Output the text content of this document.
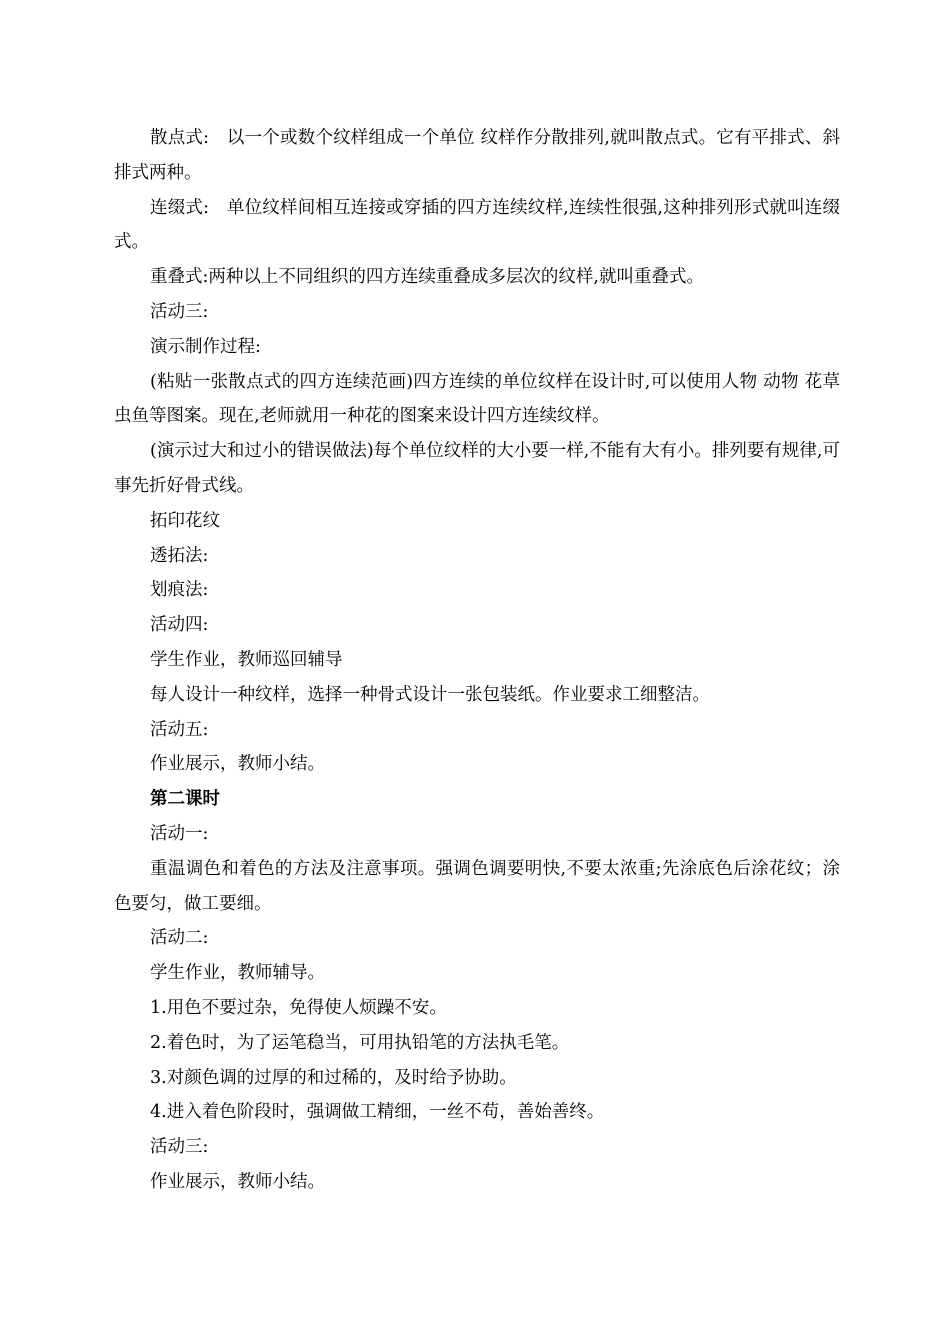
散点式:　以一个或数个纹样组成一个单位 纹样作分散排列,就叫散点式。它有平排式、斜排式两种。

连缀式:　单位纹样间相互连接或穿插的四方连续纹样,连续性很强,这种排列形式就叫连缀式。

重叠式:两种以上不同组织的四方连续重叠成多层次的纹样,就叫重叠式。

活动三:

演示制作过程:

(粘贴一张散点式的四方连续范画)四方连续的单位纹样在设计时,可以使用人物 动物 花草虫鱼等图案。现在,老师就用一种花的图案来设计四方连续纹样。

(演示过大和过小的错误做法)每个单位纹样的大小要一样,不能有大有小。排列要有规律,可事先折好骨式线。

拓印花纹

透拓法:

划痕法:

活动四:

学生作业，教师巡回辅导

每人设计一种纹样，选择一种骨式设计一张包装纸。作业要求工细整洁。

活动五:

作业展示，教师小结。

第二课时

活动一:

重温调色和着色的方法及注意事项。强调色调要明快,不要太浓重;先涂底色后涂花纹；涂色要匀，做工要细。

活动二:

学生作业，教师辅导。

1.用色不要过杂，免得使人烦躁不安。

2.着色时，为了运笔稳当，可用执铅笔的方法执毛笔。

3.对颜色调的过厚的和过稀的，及时给予协助。

4.进入着色阶段时，强调做工精细，一丝不苟，善始善终。

活动三:

作业展示，教师小结。
